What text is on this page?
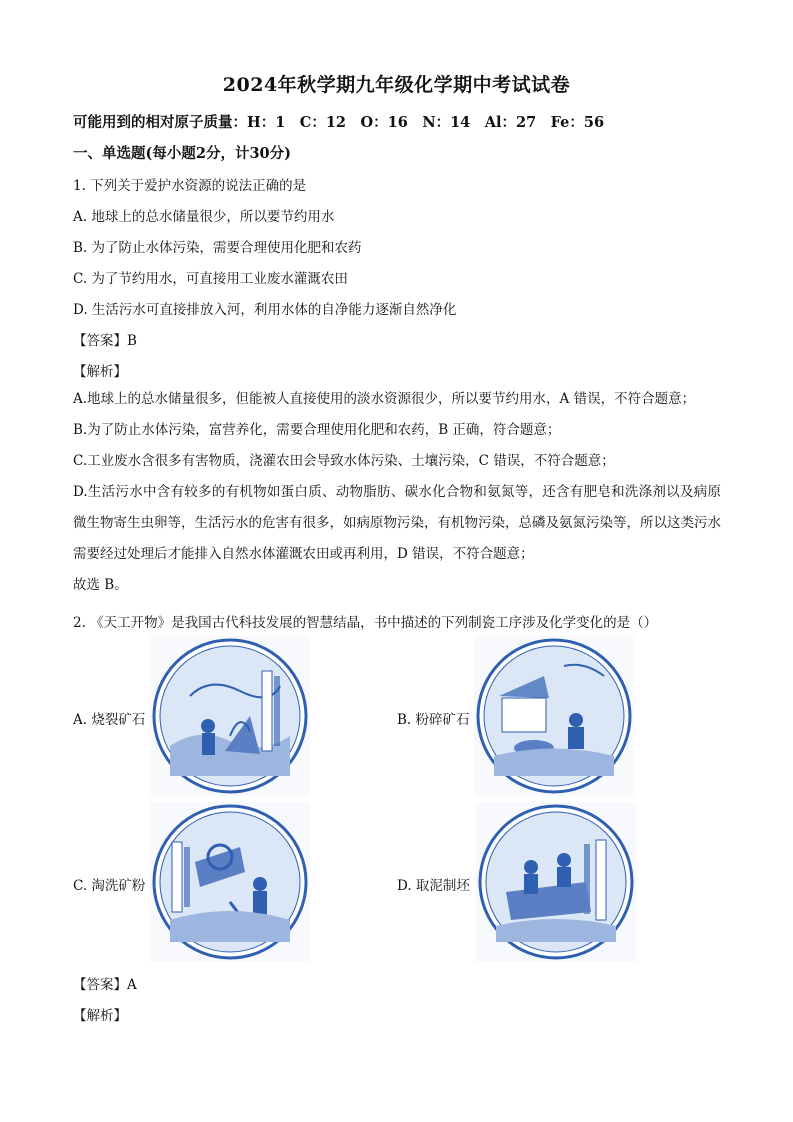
2024年秋学期九年级化学期中考试试卷
可能用到的相对原子质量：H：1　C：12　O：16　N：14　Al：27　Fe：56
一、单选题(每小题2分，计30分)
1. 下列关于爱护水资源的说法正确的是
A. 地球上的总水储量很少，所以要节约用水
B. 为了防止水体污染，需要合理使用化肥和农药
C. 为了节约用水，可直接用工业废水灌溉农田
D. 生活污水可直接排放入河，利用水体的自净能力逐渐自然净化
【答案】B
【解析】
A.地球上的总水储量很多，但能被人直接使用的淡水资源很少，所以要节约用水，A 错误，不符合题意；
B.为了防止水体污染，富营养化，需要合理使用化肥和农药，B 正确，符合题意；
C.工业废水含很多有害物质，浇灌农田会导致水体污染、土壤污染，C 错误，不符合题意；
D.生活污水中含有较多的有机物如蛋白质、动物脂肪、碳水化合物和氨氮等，还含有肥皂和洗涤剂以及病原微生物寄生虫卵等，生活污水的危害有很多，如病原物污染，有机物污染，总磷及氨氮污染等，所以这类污水需要经过处理后才能排入自然水体灌溉农田或再利用，D 错误，不符合题意；
故选 B。
2. 《天工开物》是我国古代科技发展的智慧结晶，书中描述的下列制瓷工序涉及化学变化的是（）
A. 烧裂矿石	B. 粉碎矿石
C. 淘洗矿粉	D. 取泥制坯
【答案】A
【解析】
